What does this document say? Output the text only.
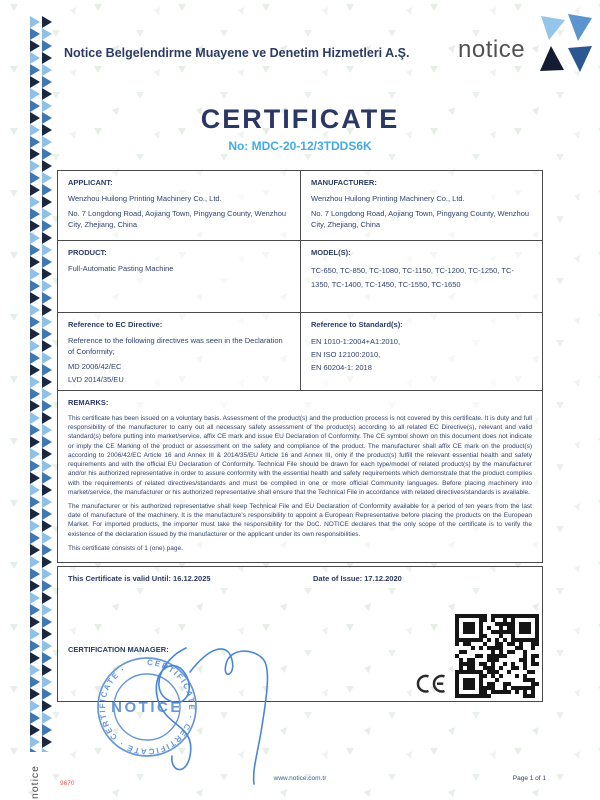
Notice Belgelendirme Muayene ve Denetim Hizmetleri A.Ş. notice
CERTIFICATE
No: MDC-20-12/3TDDS6K
APPLICANT:
Wenzhou Huilong Printing Machinery Co., Ltd.
No. 7 Longdong Road, Aojiang Town, Pingyang County, Wenzhou City, Zhejiang, China
MANUFACTURER:
Wenzhou Huilong Printing Machinery Co., Ltd.
No. 7 Longdong Road, Aojiang Town, Pingyang County, Wenzhou City, Zhejiang, China
PRODUCT:
Full-Automatic Pasting Machine
MODEL(S):
TC-650, TC-850, TC-1080, TC-1150, TC-1200, TC-1250, TC-1350, TC-1400, TC-1450, TC-1550, TC-1650
Reference to EC Directive:
Reference to the following directives was seen in the Declaration of Conformity;
MD 2006/42/EC
LVD 2014/35/EU
Reference to Standard(s):
EN 1010-1:2004+A1:2010,
EN ISO 12100:2010,
EN 60204-1: 2018
REMARKS:
This certificate has been issued on a voluntary basis. Assessment of the product(s) and the production process is not covered by this certificate. It is duty and full responsibility of the manufacturer to carry out all necessary safety assessment of the product(s) according to all related EC Directive(s), relevant and valid standard(s) before putting into market/service, affix CE mark and issue EU Declaration of Conformity. The CE symbol shown on this document does not indicate or imply the CE Marking of the product or assessment on the safety and compliance of the product. The manufacturer shall affix CE mark on the product(s) according to 2006/42/EC Article 16 and Annex III & 2014/35/EU Article 16 and Annex III, only if the product(s) fulfill the relevant essential health and safety requirements and with the official EU Declaration of Conformity. Technical File should be drawn for each type/model of related product(s) by the manufacturer and/or his authorized representative in order to assure conformity with the essential health and safety requirements which demonstrate that the product complies with the requirements of related directives/standards and must be compiled in one or more official Community languages. Before placing machinery into market/service, the manufacturer or his authorized representative shall ensure that the Technical File in accordance with related directives/standards is available.
The manufacturer or his authorized representative shall keep Technical File and EU Declaration of Conformity available for a period of ten years from the last date of manufacture of the machinery. It is the manufacture's responsibility to appoint a European Representative before placing the products on the European Market. For imported products, the importer must take the responsibility for the DoC. NOTICE declares that the only scope of the certificate is to verify the existence of the declaration issued by the manufacturer or the applicant under its own responsibilities.
This certificate consists of 1 (one) page.
This Certificate is valid Until: 16.12.2025	Date of Issue: 17.12.2020
CERTIFICATION MANAGER:
CERTIFICATE · CERTIFICATE · CERTIFICATE ·
NOTICE
www.notice.com.tr	Page 1 of 1
9670
notice
